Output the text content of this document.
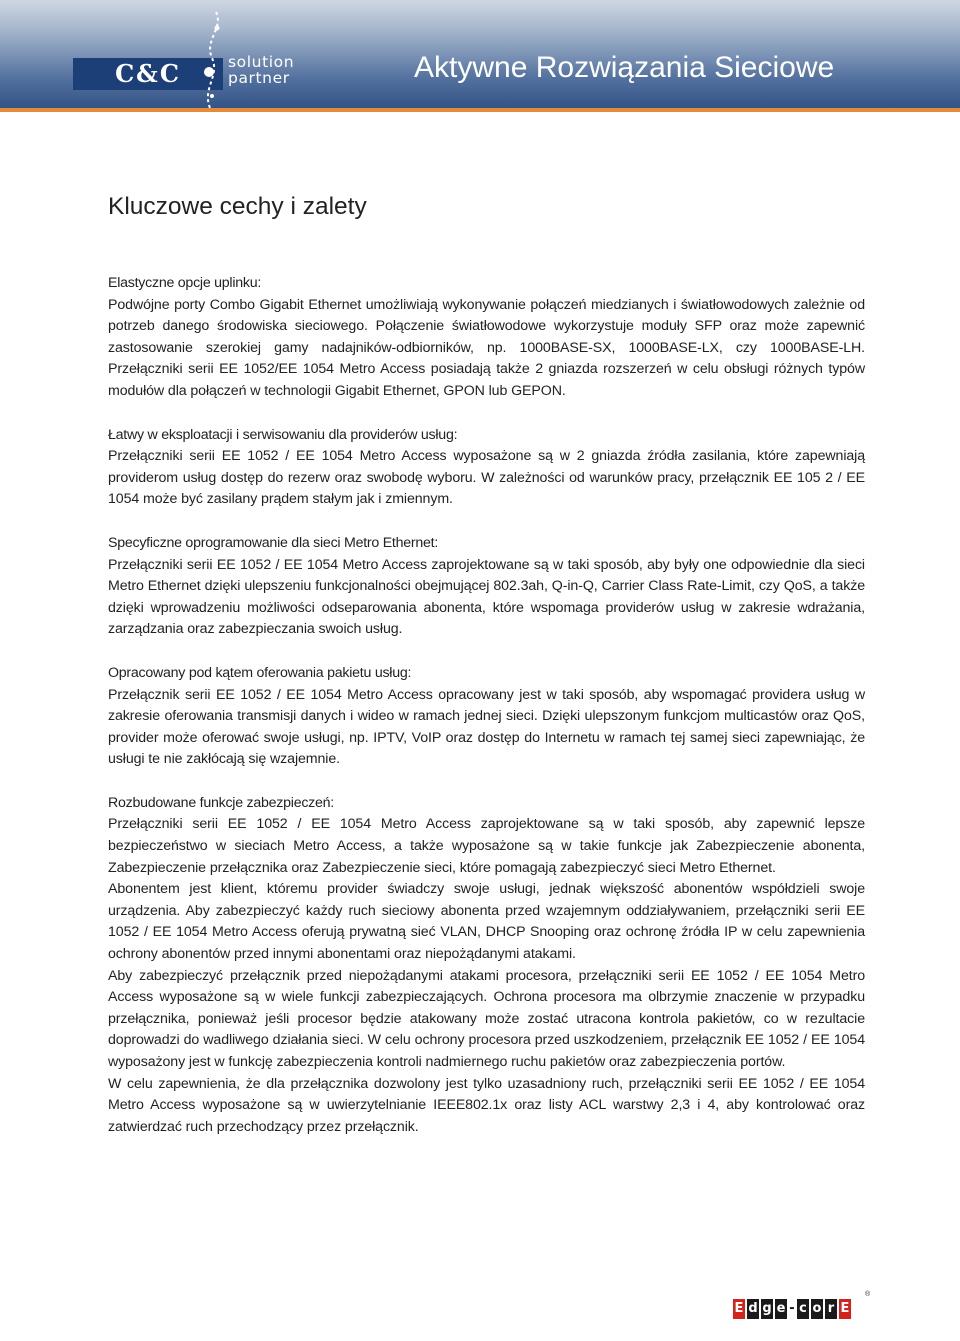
C&C	solution
partner	Aktywne Rozwiązania Sieciowe
Kluczowe cechy i zalety
Elastyczne opcje uplinku:

Podwójne porty Combo Gigabit Ethernet umożliwiają wykonywanie połączeń miedzianych i światłowodowych zależnie od potrzeb danego środowiska sieciowego. Połączenie światłowodowe wykorzystuje moduły SFP oraz może zapewnić zastosowanie szerokiej gamy nadajników-odbiorników, np. 1000BASE-SX, 1000BASE-LX, czy 1000BASE-LH. Przełączniki serii EE 1052/EE 1054 Metro Access posiadają także 2 gniazda rozszerzeń w celu obsługi różnych typów modułów dla połączeń w technologii Gigabit Ethernet, GPON lub GEPON.

Łatwy w eksploatacji i serwisowaniu dla providerów usług:

Przełączniki serii EE 1052 / EE 1054 Metro Access wyposażone są w 2 gniazda źródła zasilania, które zapewniają providerom usług dostęp do rezerw oraz swobodę wyboru. W zależności od warunków pracy, przełącznik EE 105 2 / EE 1054 może być zasilany prądem stałym jak i zmiennym.

Specyficzne oprogramowanie dla sieci Metro Ethernet:

Przełączniki serii EE 1052 / EE 1054 Metro Access zaprojektowane są w taki sposób, aby były one odpowiednie dla sieci Metro Ethernet dzięki ulepszeniu funkcjonalności obejmującej 802.3ah, Q-in-Q, Carrier Class Rate-Limit, czy QoS, a także dzięki wprowadzeniu możliwości odseparowania abonenta, które wspomaga providerów usług w zakresie wdrażania, zarządzania oraz zabezpieczania swoich usług.

Opracowany pod kątem oferowania pakietu usług:

Przełącznik serii EE 1052 / EE 1054 Metro Access opracowany jest w taki sposób, aby wspomagać providera usług w zakresie oferowania transmisji danych i wideo w ramach jednej sieci. Dzięki ulepszonym funkcjom multicastów oraz QoS, provider może oferować swoje usługi, np. IPTV, VoIP oraz dostęp do Internetu w ramach tej samej sieci zapewniając, że usługi te nie zakłócają się wzajemnie.

Rozbudowane funkcje zabezpieczeń:

Przełączniki serii EE 1052 / EE 1054 Metro Access zaprojektowane są w taki sposób, aby zapewnić lepsze bezpieczeństwo w sieciach Metro Access, a także wyposażone są w takie funkcje jak Zabezpieczenie abonenta, Zabezpieczenie przełącznika oraz Zabezpieczenie sieci, które pomagają zabezpieczyć sieci Metro Ethernet.

Abonentem jest klient, któremu provider świadczy swoje usługi, jednak większość abonentów współdzieli swoje urządzenia. Aby zabezpieczyć każdy ruch sieciowy abonenta przed wzajemnym oddziaływaniem, przełączniki serii EE 1052 / EE 1054 Metro Access oferują prywatną sieć VLAN, DHCP Snooping oraz ochronę źródła IP w celu zapewnienia ochrony abonentów przed innymi abonentami oraz niepożądanymi atakami.

Aby zabezpieczyć przełącznik przed niepożądanymi atakami procesora, przełączniki serii EE 1052 / EE 1054 Metro Access wyposażone są w wiele funkcji zabezpieczających. Ochrona procesora ma olbrzymie znaczenie w przypadku przełącznika, ponieważ jeśli procesor będzie atakowany może zostać utracona kontrola pakietów, co w rezultacie doprowadzi do wadliwego działania sieci. W celu ochrony procesora przed uszkodzeniem, przełącznik EE 1052 / EE 1054 wyposażony jest w funkcję zabezpieczenia kontroli nadmiernego ruchu pakietów oraz zabezpieczenia portów.

W celu zapewnienia, że dla przełącznika dozwolony jest tylko uzasadniony ruch, przełączniki serii EE 1052 / EE 1054 Metro Access wyposażone są w uwierzytelnianie IEEE802.1x oraz listy ACL warstwy 2,3 i 4, aby kontrolować oraz zatwierdzać ruch przechodzący przez przełącznik.

E d g e - c o r E
®
